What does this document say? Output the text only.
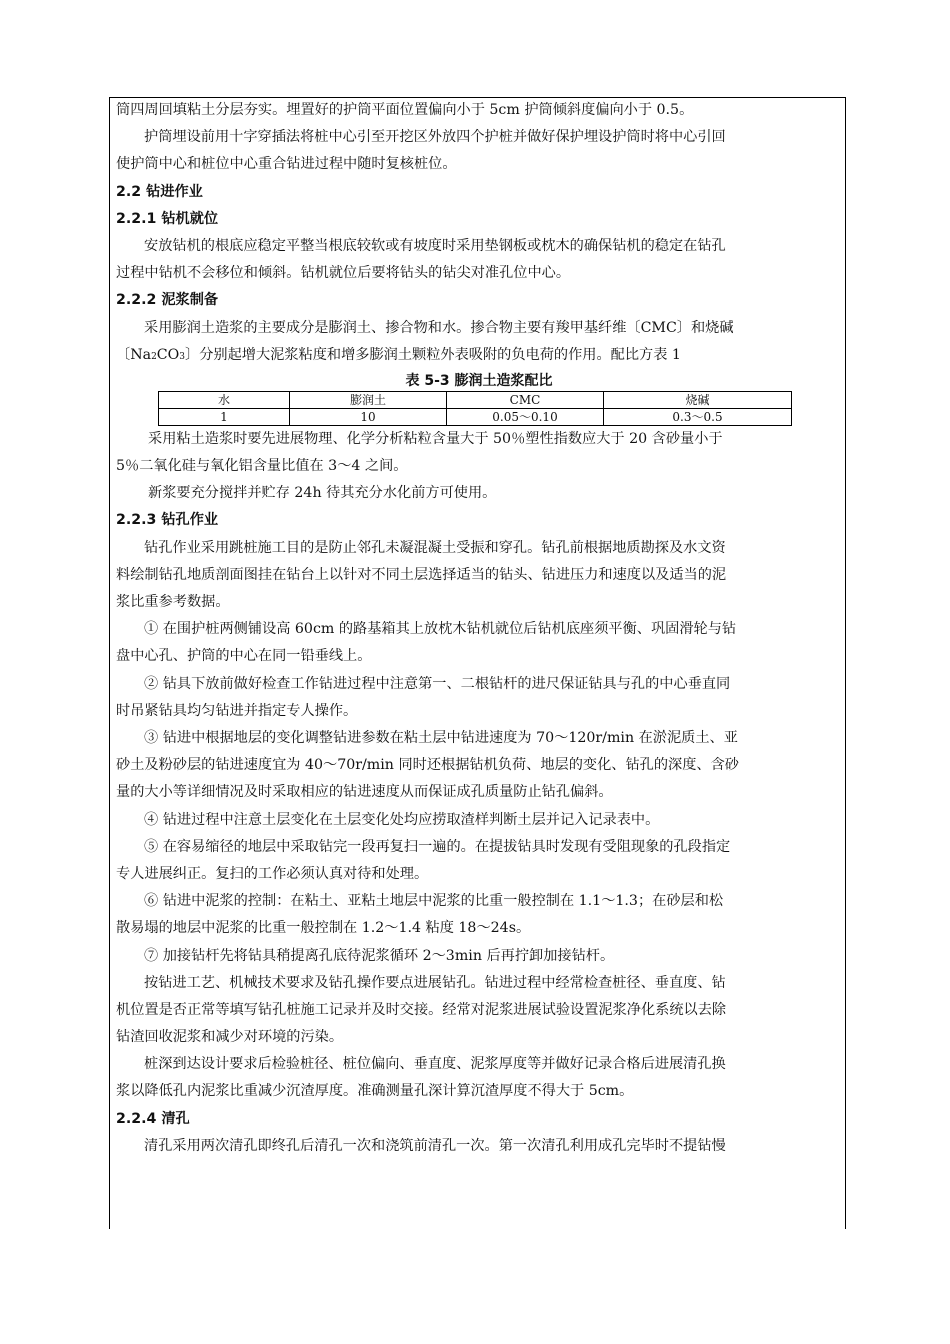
筒四周回填粘土分层夯实。埋置好的护筒平面位置偏向小于 5cm 护筒倾斜度偏向小于 0.5。
护筒埋设前用十字穿插法将桩中心引至开挖区外放四个护桩并做好保护埋设护筒时将中心引回
使护筒中心和桩位中心重合钻进过程中随时复核桩位。
2.2 钻进作业
2.2.1 钻机就位
安放钻机的根底应稳定平整当根底较软或有坡度时采用垫钢板或枕木的确保钻机的稳定在钻孔
过程中钻机不会移位和倾斜。钻机就位后要将钻头的钻尖对准孔位中心。
2.2.2 泥浆制备
采用膨润土造浆的主要成分是膨润土、掺合物和水。掺合物主要有羧甲基纤维〔CMC〕和烧碱
〔Na2CO3〕分别起增大泥浆粘度和增多膨润土颗粒外表吸附的负电荷的作用。配比方表 1
表 5-3 膨润土造浆配比
水	膨润土	CMC	烧碱
1	10	0.05～0.10	0.3～0.5
采用粘土造浆时要先进展物理、化学分析粘粒含量大于 50％塑性指数应大于 20 含砂量小于
5％二氧化硅与氧化铝含量比值在 3～4 之间。
新浆要充分搅拌并贮存 24h 待其充分水化前方可使用。
2.2.3 钻孔作业
钻孔作业采用跳桩施工目的是防止邻孔未凝混凝土受振和穿孔。钻孔前根据地质勘探及水文资
料绘制钻孔地质剖面图挂在钻台上以针对不同土层选择适当的钻头、钻进压力和速度以及适当的泥
浆比重参考数据。
① 在围护桩两侧铺设高 60cm 的路基箱其上放枕木钻机就位后钻机底座须平衡、巩固滑轮与钻
盘中心孔、护筒的中心在同一铅垂线上。
② 钻具下放前做好检查工作钻进过程中注意第一、二根钻杆的进尺保证钻具与孔的中心垂直同
时吊紧钻具均匀钻进并指定专人操作。
③ 钻进中根据地层的变化调整钻进参数在粘土层中钻进速度为 70～120r/min 在淤泥质土、亚
砂土及粉砂层的钻进速度宜为 40～70r/min 同时还根据钻机负荷、地层的变化、钻孔的深度、含砂
量的大小等详细情况及时采取相应的钻进速度从而保证成孔质量防止钻孔偏斜。
④ 钻进过程中注意土层变化在土层变化处均应捞取渣样判断土层并记入记录表中。
⑤ 在容易缩径的地层中采取钻完一段再复扫一遍的。在提拔钻具时发现有受阻现象的孔段指定
专人进展纠正。复扫的工作必须认真对待和处理。
⑥ 钻进中泥浆的控制：在粘土、亚粘土地层中泥浆的比重一般控制在 1.1～1.3；在砂层和松
散易塌的地层中泥浆的比重一般控制在 1.2～1.4 粘度 18～24s。
⑦ 加接钻杆先将钻具稍提离孔底待泥浆循环 2～3min 后再拧卸加接钻杆。
按钻进工艺、机械技术要求及钻孔操作要点进展钻孔。钻进过程中经常检查桩径、垂直度、钻
机位置是否正常等填写钻孔桩施工记录并及时交接。经常对泥浆进展试验设置泥浆净化系统以去除
钻渣回收泥浆和减少对环境的污染。
桩深到达设计要求后检验桩径、桩位偏向、垂直度、泥浆厚度等并做好记录合格后进展清孔换
浆以降低孔内泥浆比重减少沉渣厚度。准确测量孔深计算沉渣厚度不得大于 5cm。
2.2.4 清孔
清孔采用两次清孔即终孔后清孔一次和浇筑前清孔一次。第一次清孔利用成孔完毕时不提钻慢
